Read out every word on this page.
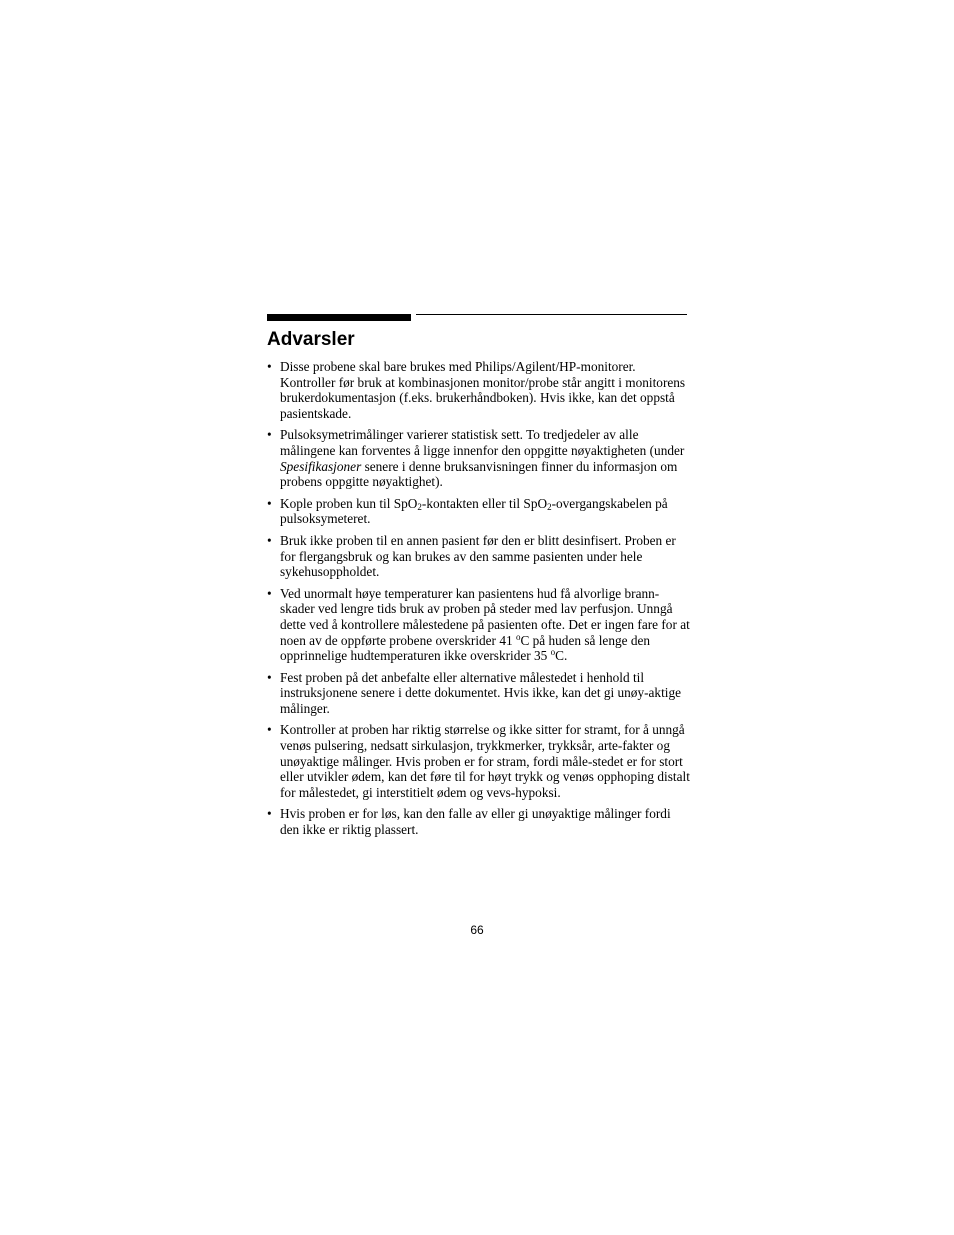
Advarsler
• Disse probene skal bare brukes med Philips/Agilent/HP-monitorer. Kontroller før bruk at kombinasjonen monitor/probe står angitt i monitorens brukerdokumentasjon (f.eks. brukerhåndboken). Hvis ikke, kan det oppstå pasientskade.
• Pulsoksymetrimålinger varierer statistisk sett. To tredjedeler av alle målingene kan forventes å ligge innenfor den oppgitte nøyaktigheten (under Spesifikasjoner senere i denne bruksanvisningen finner du informasjon om probens oppgitte nøyaktighet).
• Kople proben kun til SpO$_2$-kontakten eller til SpO$_2$-overgangskabelen på pulsoksymeteret.
• Bruk ikke proben til en annen pasient før den er blitt desinfisert. Proben er for flergangsbruk og kan brukes av den samme pasienten under hele sykehusoppholdet.
• Ved unormalt høye temperaturer kan pasientens hud få alvorlige brann-skader ved lengre tids bruk av proben på steder med lav perfusjon. Unngå dette ved å kontrollere målestedene på pasienten ofte. Det er ingen fare for at noen av de oppførte probene overskrider 41 $^o$C på huden så lenge den opprinnelige hudtemperaturen ikke overskrider 35 $^o$C.
• Fest proben på det anbefalte eller alternative målestedet i henhold til instruksjonene senere i dette dokumentet. Hvis ikke, kan det gi unøy-aktige målinger.
• Kontroller at proben har riktig størrelse og ikke sitter for stramt, for å unngå venøs pulsering, nedsatt sirkulasjon, trykkmerker, trykksår, arte-fakter og unøyaktige målinger. Hvis proben er for stram, fordi måle-stedet er for stort eller utvikler ødem, kan det føre til for høyt trykk og venøs opphoping distalt for målestedet, gi interstitielt ødem og vevs-hypoksi.
• Hvis proben er for løs, kan den falle av eller gi unøyaktige målinger fordi den ikke er riktig plassert.
66
